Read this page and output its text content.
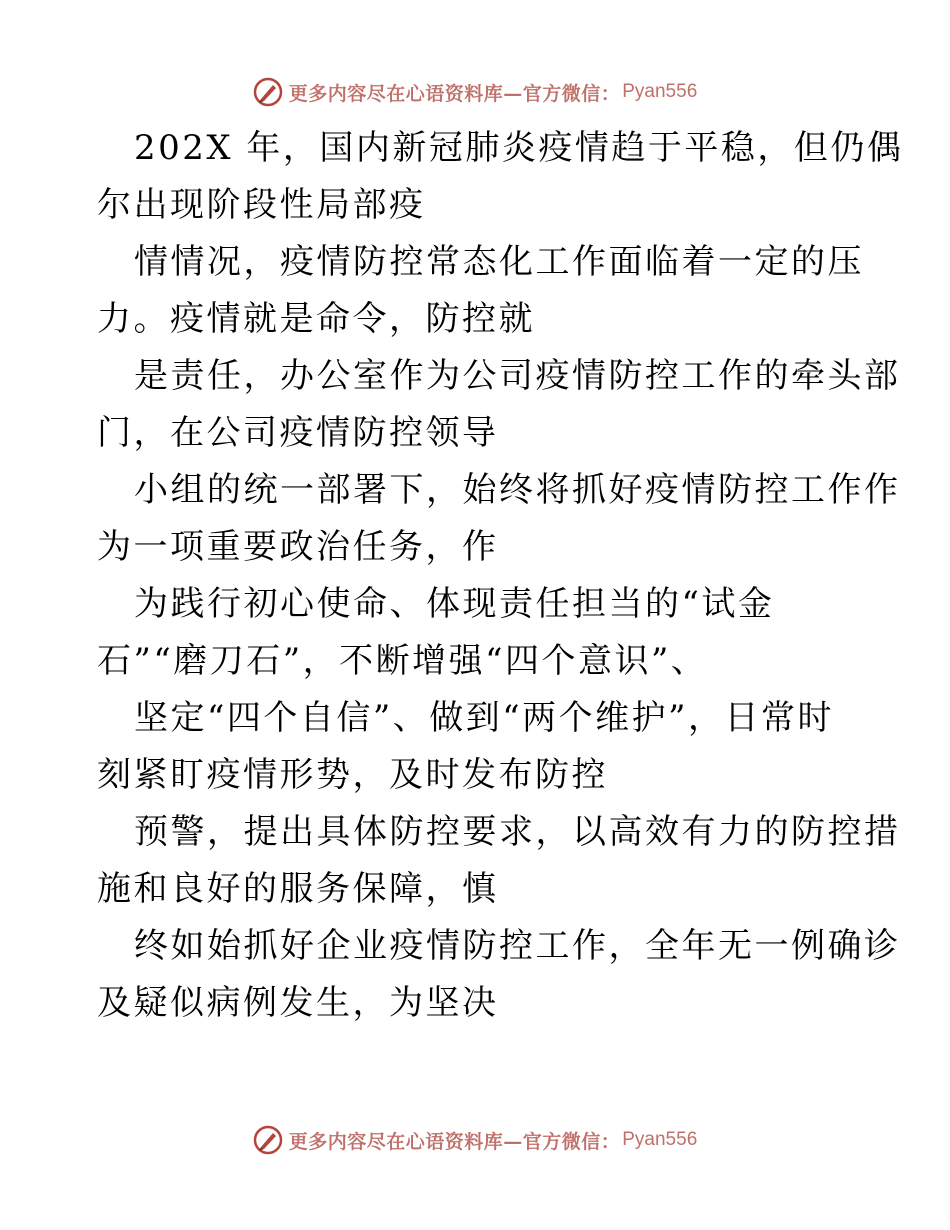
更多内容尽在心语资料库—官方微信： Pyan556
202X 年，国内新冠肺炎疫情趋于平稳，但仍偶
尔出现阶段性局部疫
情情况，疫情防控常态化工作面临着一定的压
力。疫情就是命令，防控就
是责任，办公室作为公司疫情防控工作的牵头部
门，在公司疫情防控领导
小组的统一部署下，始终将抓好疫情防控工作作
为一项重要政治任务，作
为践行初心使命、体现责任担当的“试金
石”“磨刀石”，不断增强“四个意识”、
坚定“四个自信”、做到“两个维护”，日常时
刻紧盯疫情形势，及时发布防控
预警，提出具体防控要求，以高效有力的防控措
施和良好的服务保障，慎
终如始抓好企业疫情防控工作，全年无一例确诊
及疑似病例发生，为坚决
更多内容尽在心语资料库—官方微信： Pyan556
